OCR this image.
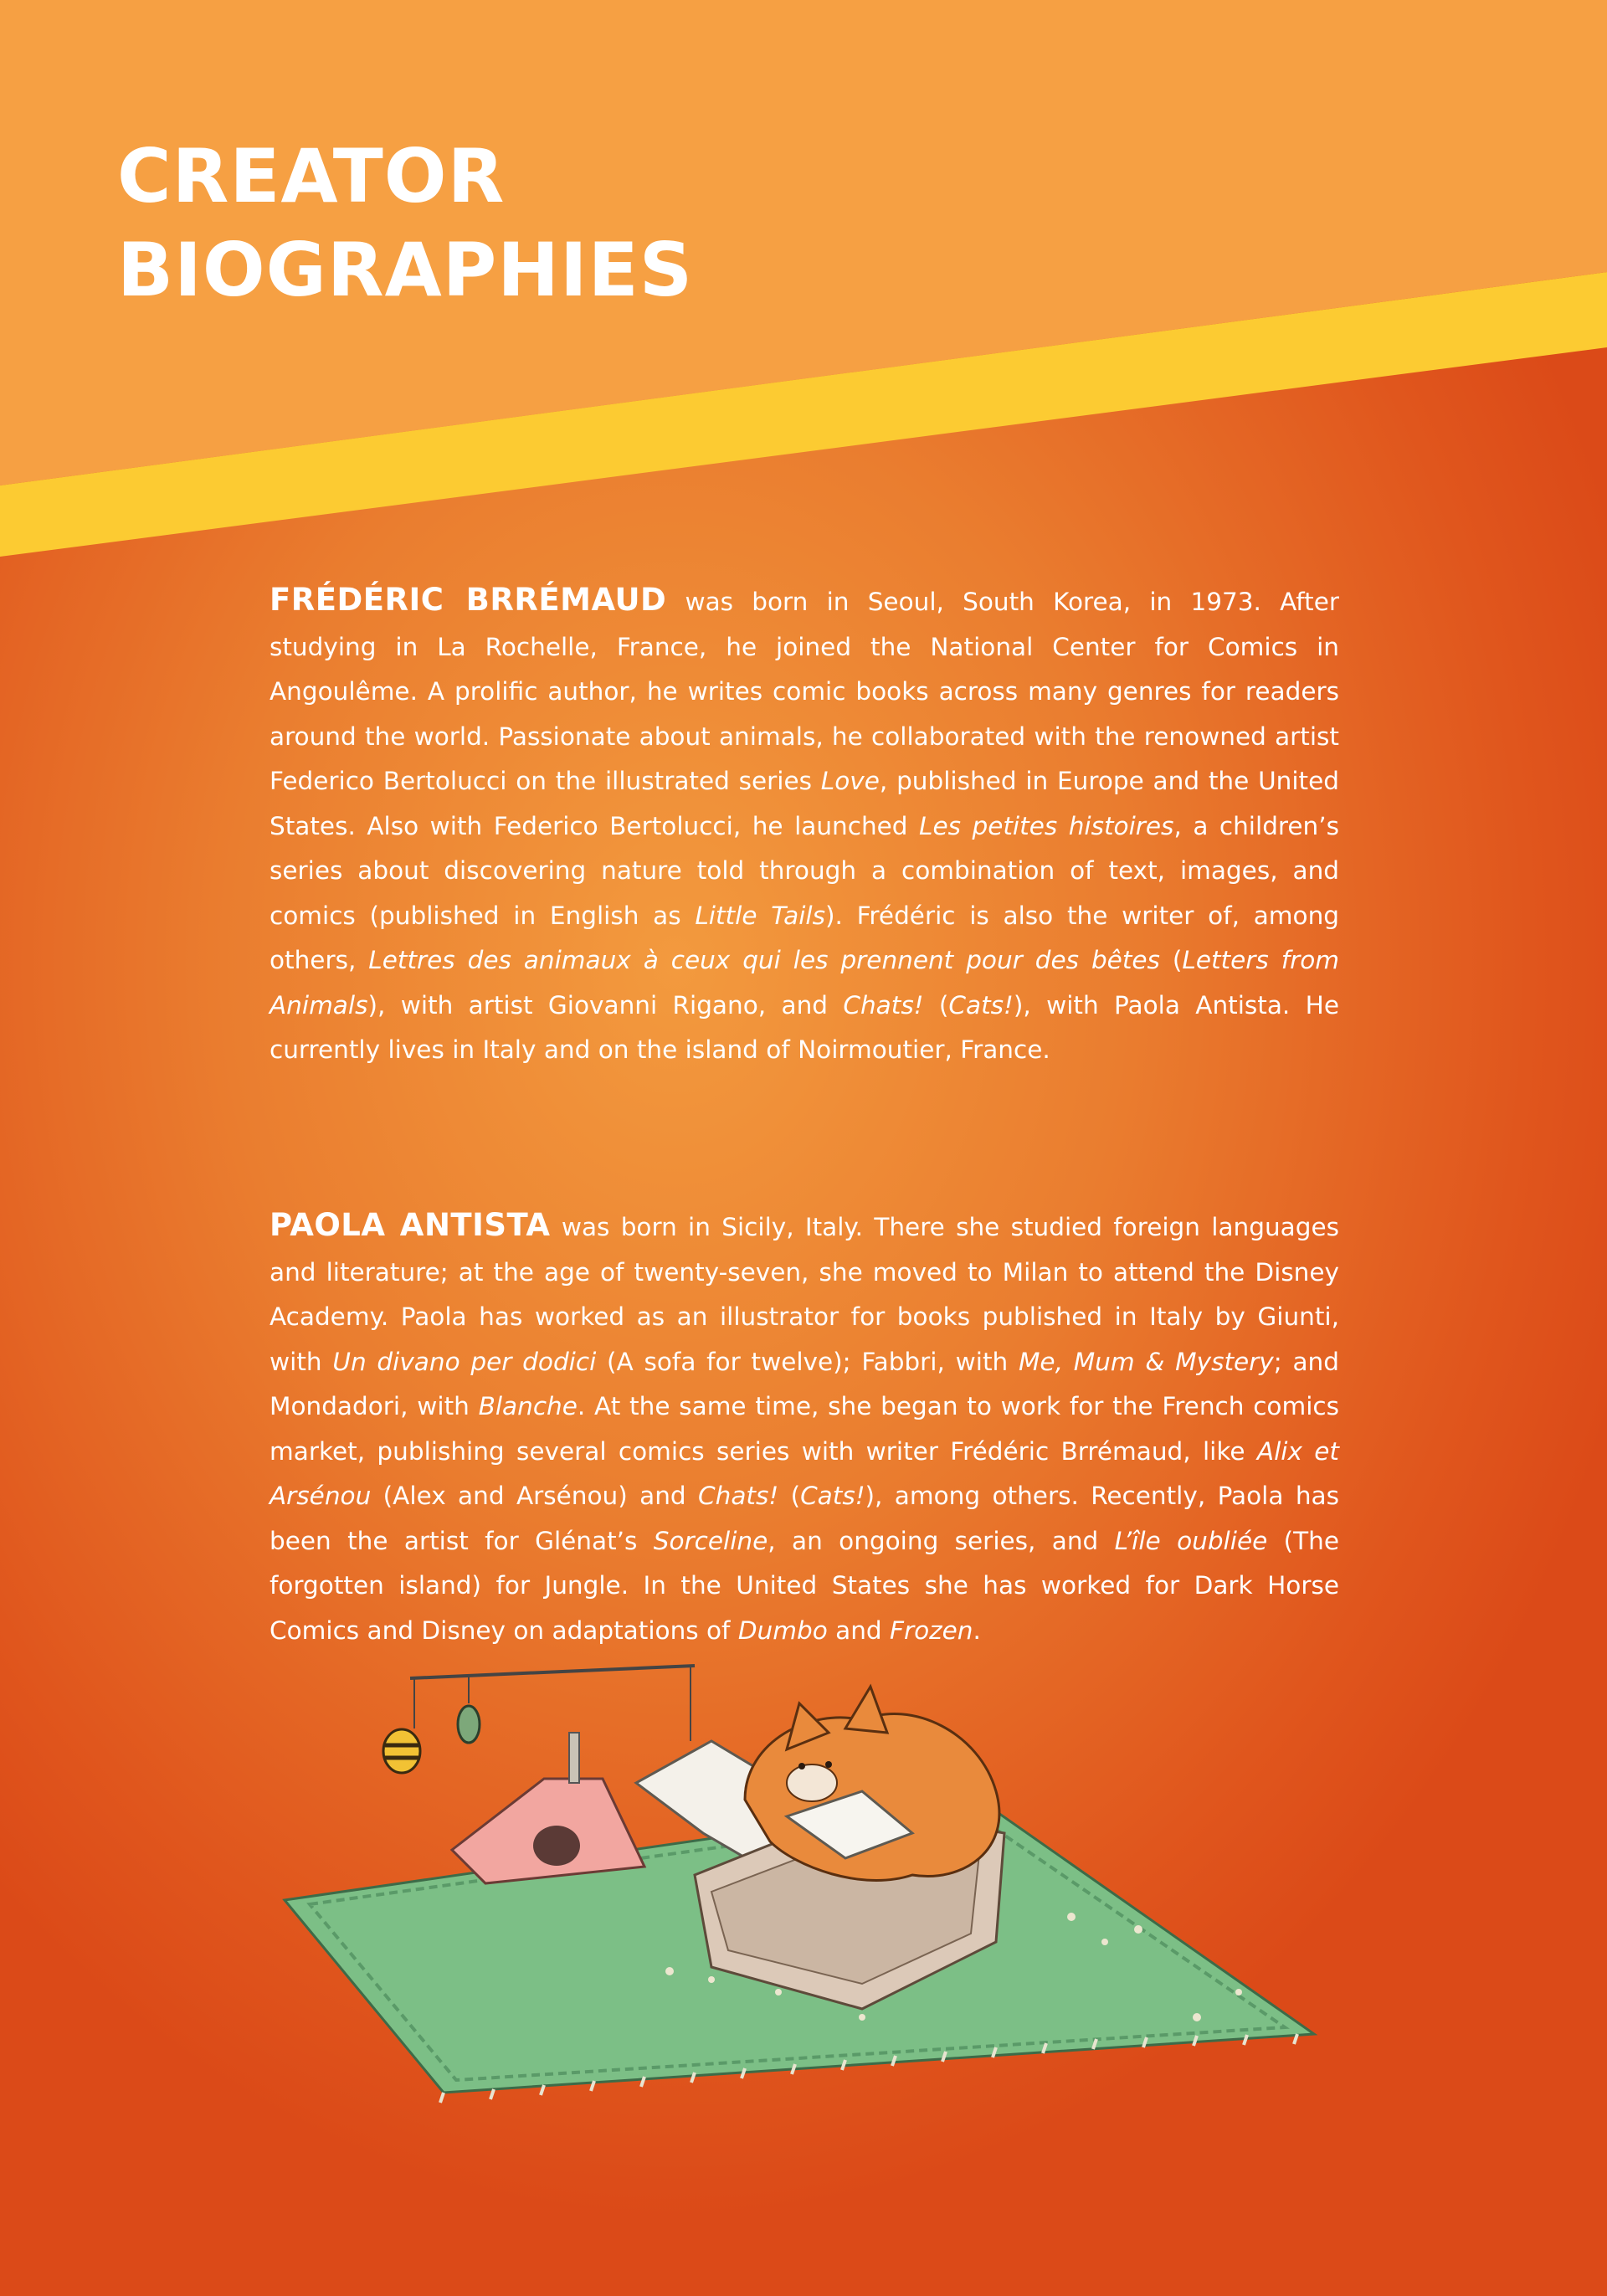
CREATOR
BIOGRAPHIES

FRÉDÉRIC BRRÉMAUD was born in Seoul, South Korea, in 1973. After studying in La Rochelle, France, he joined the National Center for Comics in Angoulême. A prolific author, he writes comic books across many genres for readers around the world. Passionate about animals, he collaborated with the renowned artist Federico Bertolucci on the illustrated series Love, published in Europe and the United States. Also with Federico Bertolucci, he launched Les petites histoires, a children’s series about discovering nature told through a combination of text, images, and comics (published in English as Little Tails). Frédéric is also the writer of, among others, Lettres des animaux à ceux qui les prennent pour des bêtes (Letters from Animals), with artist Giovanni Rigano, and Chats! (Cats!), with Paola Antista. He currently lives in Italy and on the island of Noirmoutier, France.

PAOLA ANTISTA was born in Sicily, Italy. There she studied foreign languages and literature; at the age of twenty-seven, she moved to Milan to attend the Disney Academy. Paola has worked as an illustrator for books published in Italy by Giunti, with Un divano per dodici (A sofa for twelve); Fabbri, with Me, Mum & Mystery; and Mondadori, with Blanche. At the same time, she began to work for the French comics market, publishing several comics series with writer Frédéric Brrémaud, like Alix et Arsénou (Alex and Arsénou) and Chats! (Cats!), among others. Recently, Paola has been the artist for Glénat’s Sorceline, an ongoing series, and L’île oubliée (The forgotten island) for Jungle. In the United States she has worked for Dark Horse Comics and Disney on adaptations of Dumbo and Frozen.
